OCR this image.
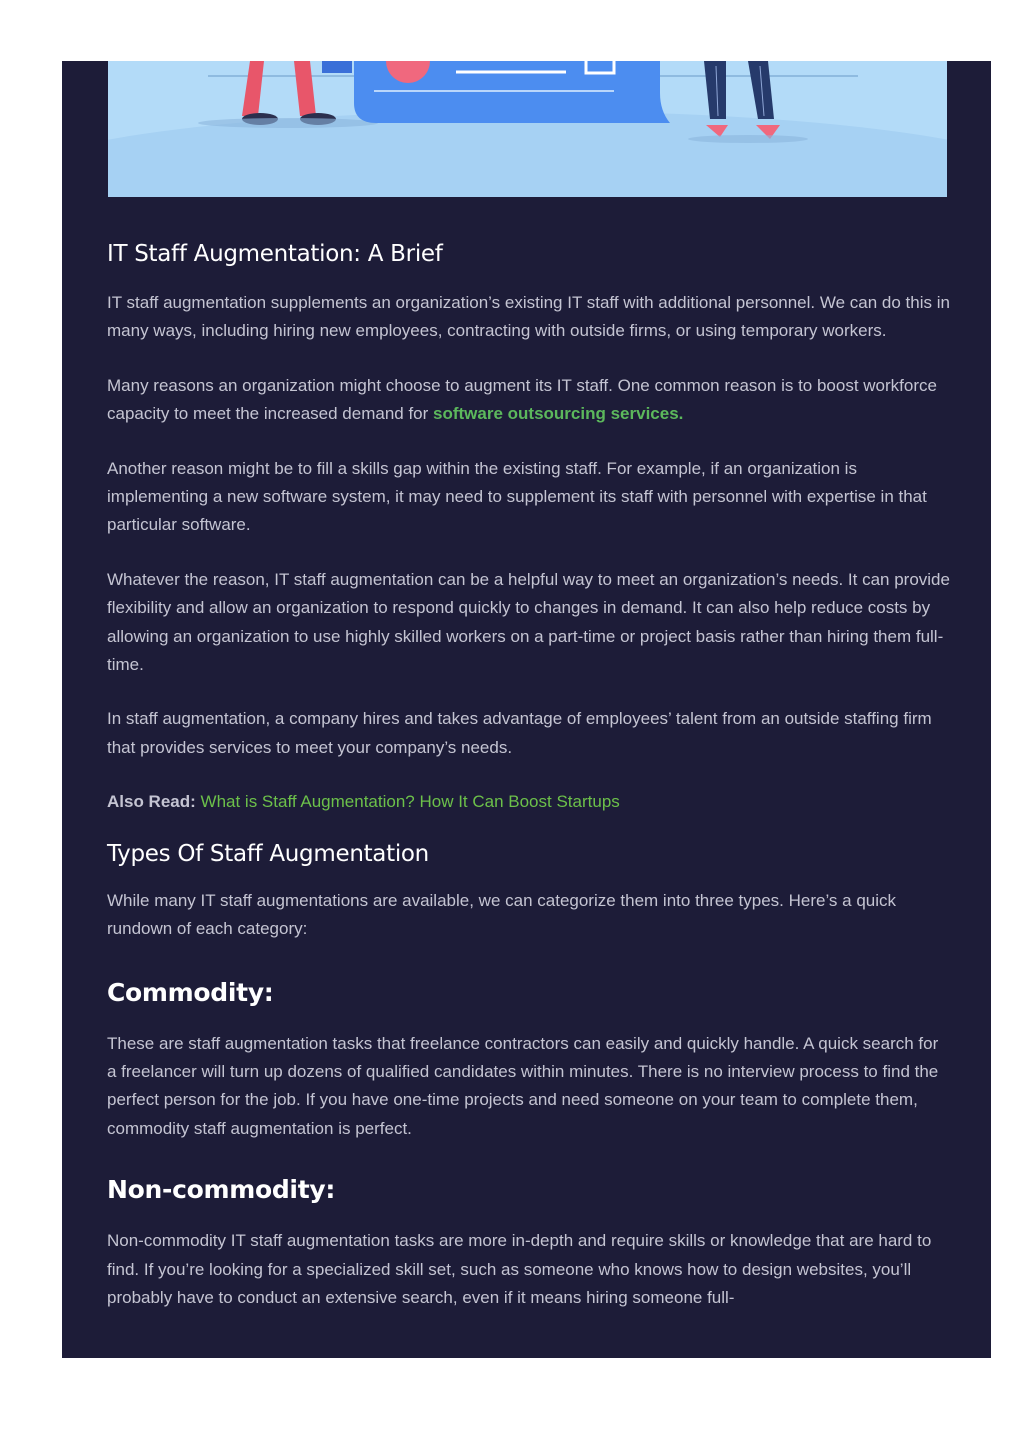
IT Staff Augmentation: A Brief

IT staff augmentation supplements an organization’s existing IT staff with additional personnel. We can do this in many ways, including hiring new employees, contracting with outside firms, or using temporary workers.

Many reasons an organization might choose to augment its IT staff. One common reason is to boost workforce capacity to meet the increased demand for software outsourcing services.

Another reason might be to fill a skills gap within the existing staff. For example, if an organization is implementing a new software system, it may need to supplement its staff with personnel with expertise in that particular software.

Whatever the reason, IT staff augmentation can be a helpful way to meet an organization’s needs. It can provide flexibility and allow an organization to respond quickly to changes in demand. It can also help reduce costs by allowing an organization to use highly skilled workers on a part-time or project basis rather than hiring them full-time.

In staff augmentation, a company hires and takes advantage of employees’ talent from an outside staffing firm that provides services to meet your company’s needs.

Also Read: What is Staff Augmentation? How It Can Boost Startups

Types Of Staff Augmentation

While many IT staff augmentations are available, we can categorize them into three types. Here’s a quick rundown of each category:

Commodity:

These are staff augmentation tasks that freelance contractors can easily and quickly handle. A quick search for a freelancer will turn up dozens of qualified candidates within minutes. There is no interview process to find the perfect person for the job. If you have one-time projects and need someone on your team to complete them, commodity staff augmentation is perfect.

Non-commodity:

Non-commodity IT staff augmentation tasks are more in-depth and require skills or knowledge that are hard to find. If you’re looking for a specialized skill set, such as someone who knows how to design websites, you’ll probably have to conduct an extensive search, even if it means hiring someone full-
